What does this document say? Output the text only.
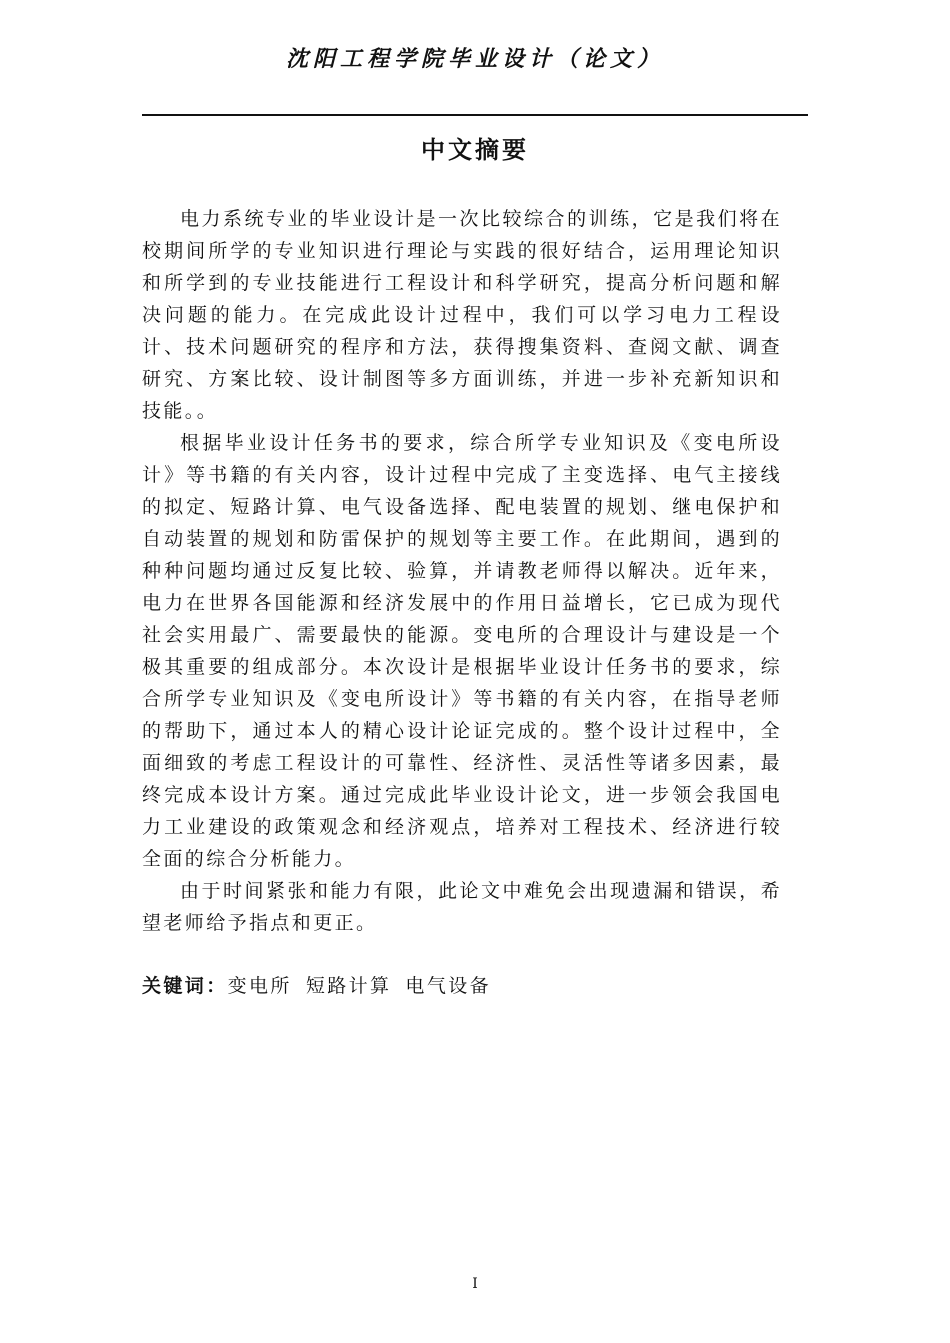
沈阳工程学院毕业设计（论文）
中文摘要

电力系统专业的毕业设计是一次比较综合的训练，它是我们将在校期间所学的专业知识进行理论与实践的很好结合，运用理论知识和所学到的专业技能进行工程设计和科学研究，提高分析问题和解决问题的能力。在完成此设计过程中，我们可以学习电力工程设计、技术问题研究的程序和方法，获得搜集资料、查阅文献、调查研究、方案比较、设计制图等多方面训练，并进一步补充新知识和技能。。

根据毕业设计任务书的要求，综合所学专业知识及《变电所设计》等书籍的有关内容，设计过程中完成了主变选择、电气主接线的拟定、短路计算、电气设备选择、配电装置的规划、继电保护和自动装置的规划和防雷保护的规划等主要工作。在此期间，遇到的种种问题均通过反复比较、验算，并请教老师得以解决。近年来，电力在世界各国能源和经济发展中的作用日益增长，它已成为现代社会实用最广、需要最快的能源。变电所的合理设计与建设是一个极其重要的组成部分。本次设计是根据毕业设计任务书的要求，综合所学专业知识及《变电所设计》等书籍的有关内容，在指导老师的帮助下，通过本人的精心设计论证完成的。整个设计过程中，全面细致的考虑工程设计的可靠性、经济性、灵活性等诸多因素，最终完成本设计方案。通过完成此毕业设计论文，进一步领会我国电力工业建设的政策观念和经济观点，培养对工程技术、经济进行较全面的综合分析能力。

由于时间紧张和能力有限，此论文中难免会出现遗漏和错误，希望老师给予指点和更正。

关键词：变电所 短路计算 电气设备
I
